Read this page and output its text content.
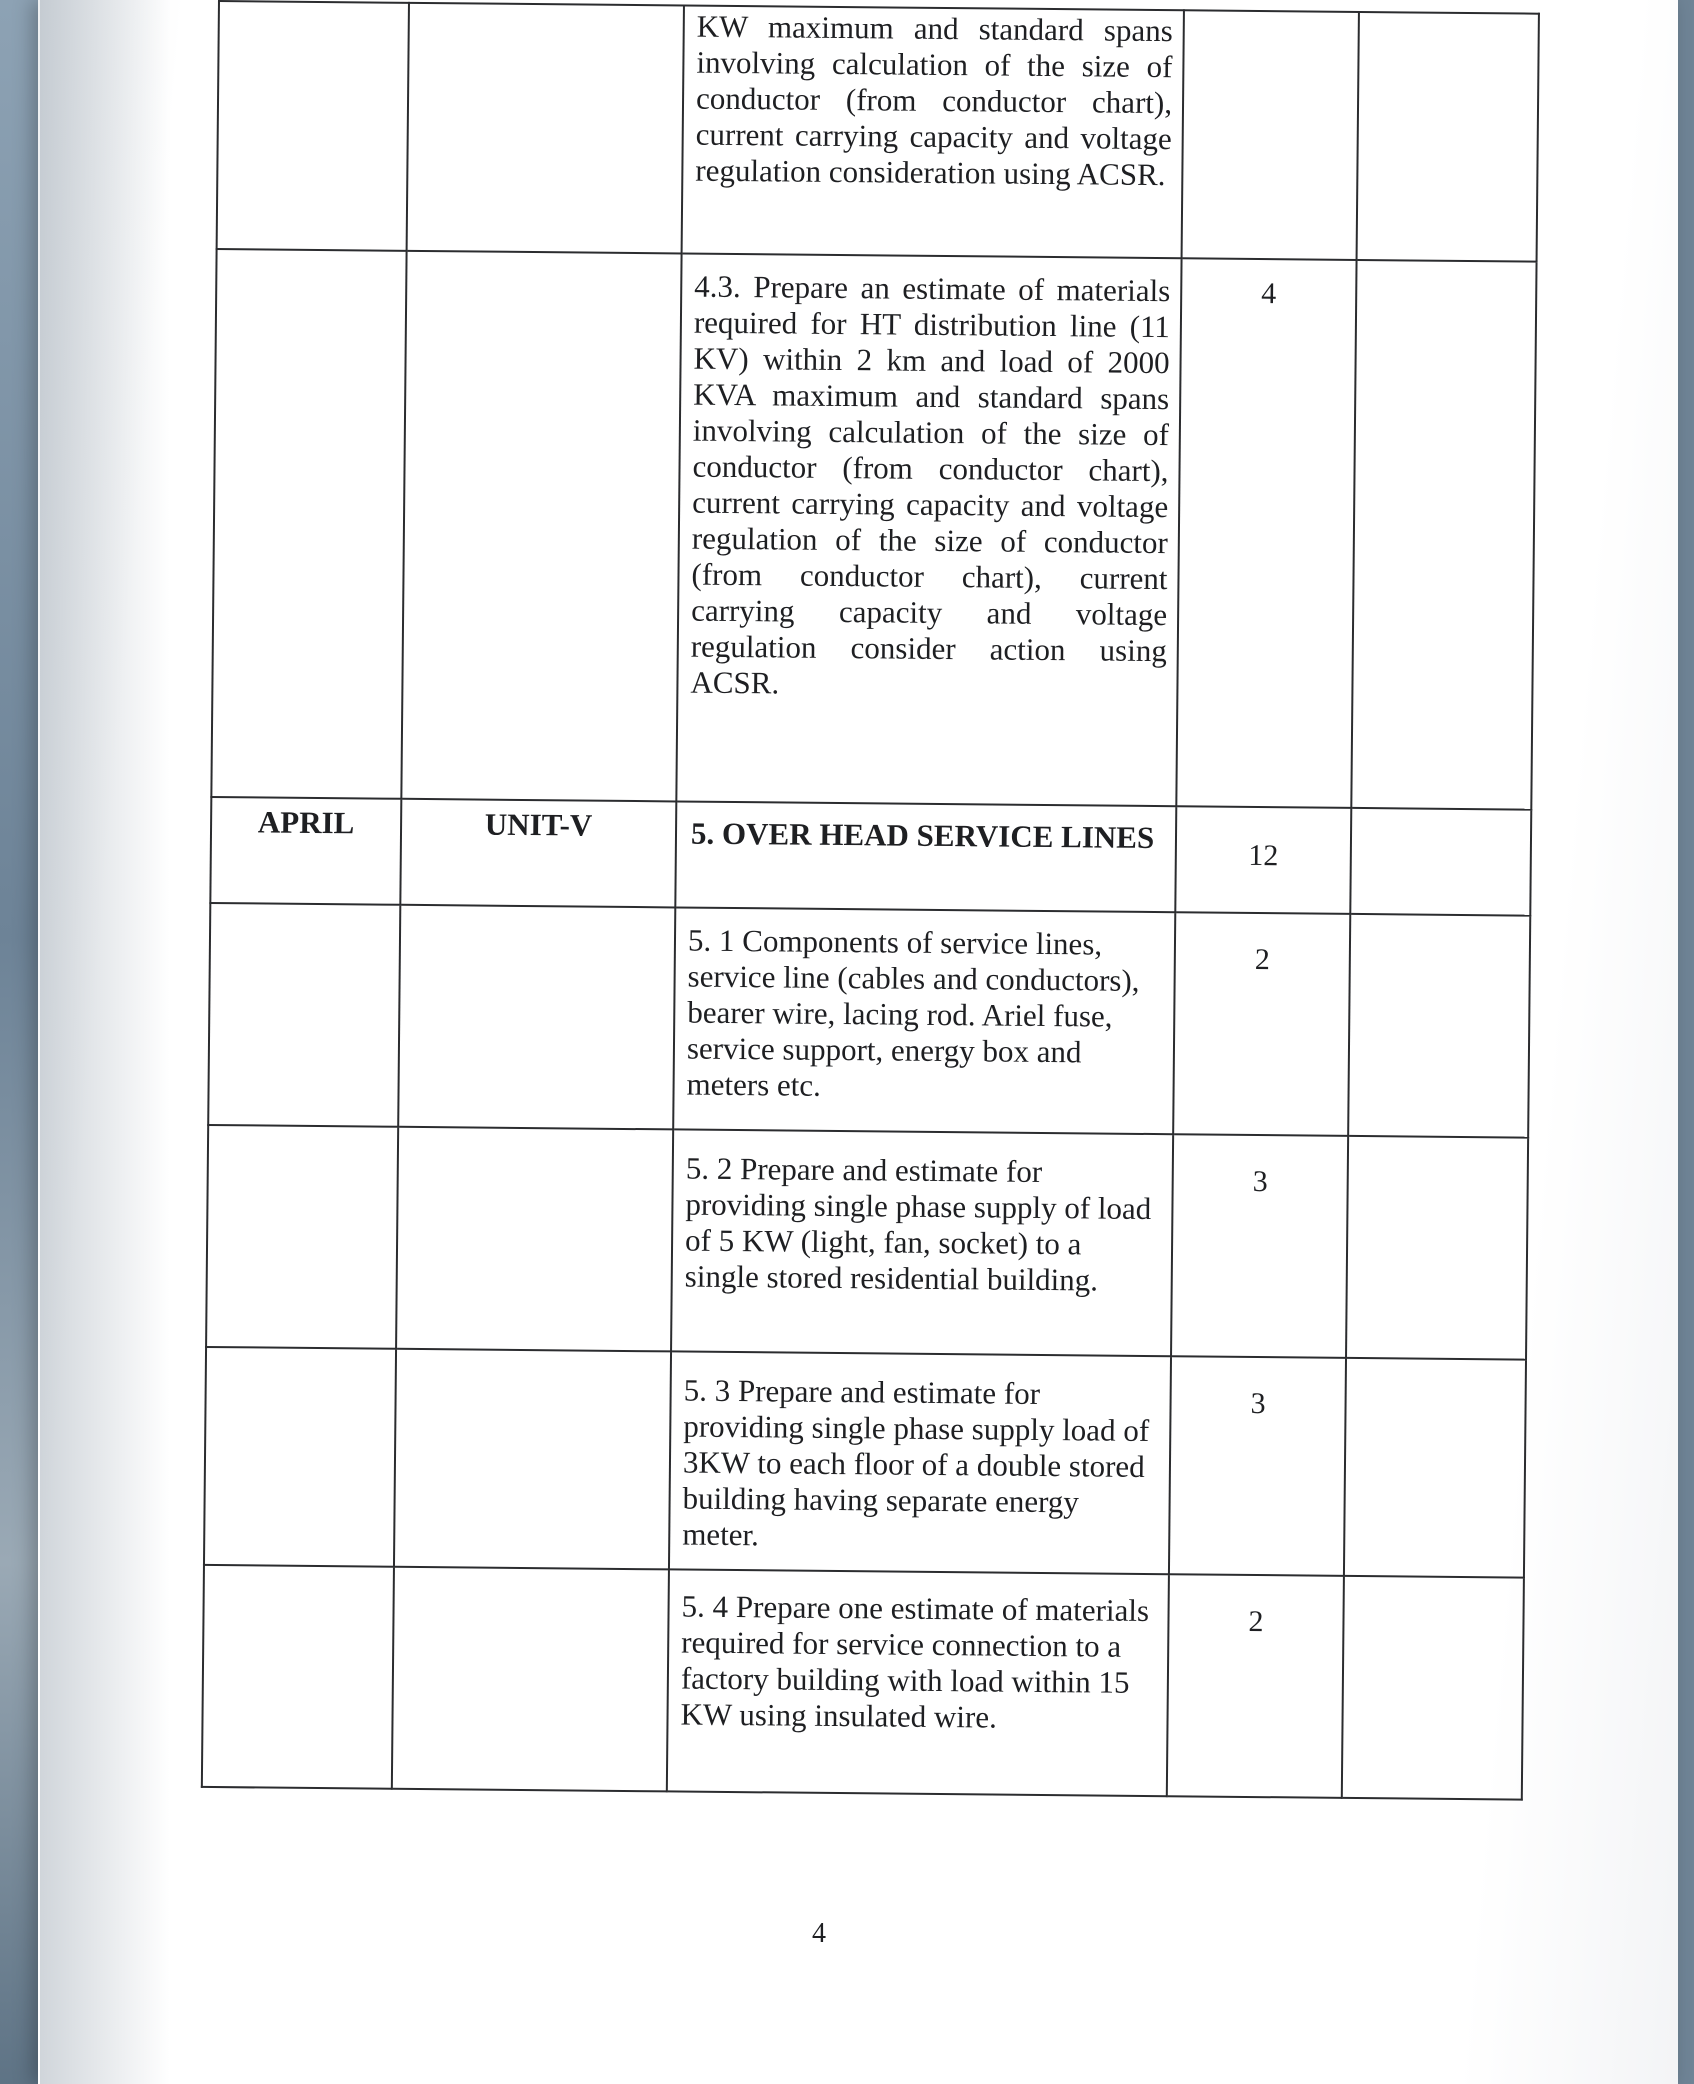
		KW maximum and standard spans involving calculation of the size of conductor (from conductor chart), current carrying capacity and voltage regulation consideration using ACSR.		

		4.3. Prepare an estimate of materials required for HT distribution line (11 KV) within 2 km and load of 2000 KVA maximum and standard spans involving calculation of the size of conductor (from conductor chart), current carrying capacity and voltage regulation of the size of conductor (from conductor chart), current carrying capacity and voltage regulation consider action using ACSR.	4	

APRIL	UNIT-V	5. OVER HEAD SERVICE LINES	12	

		5. 1 Components of service lines, service line (cables and conductors), bearer wire, lacing rod. Ariel fuse, service support, energy box and meters etc.	2	

		5. 2 Prepare and estimate for providing single phase supply of load of 5 KW (light, fan, socket) to a single stored residential building.	3	

		5. 3 Prepare and estimate for providing single phase supply load of 3KW to each floor of a double stored building having separate energy meter.	3	

		5. 4 Prepare one estimate of materials required for service connection to a factory building with load within 15 KW using insulated wire.	2	

4
